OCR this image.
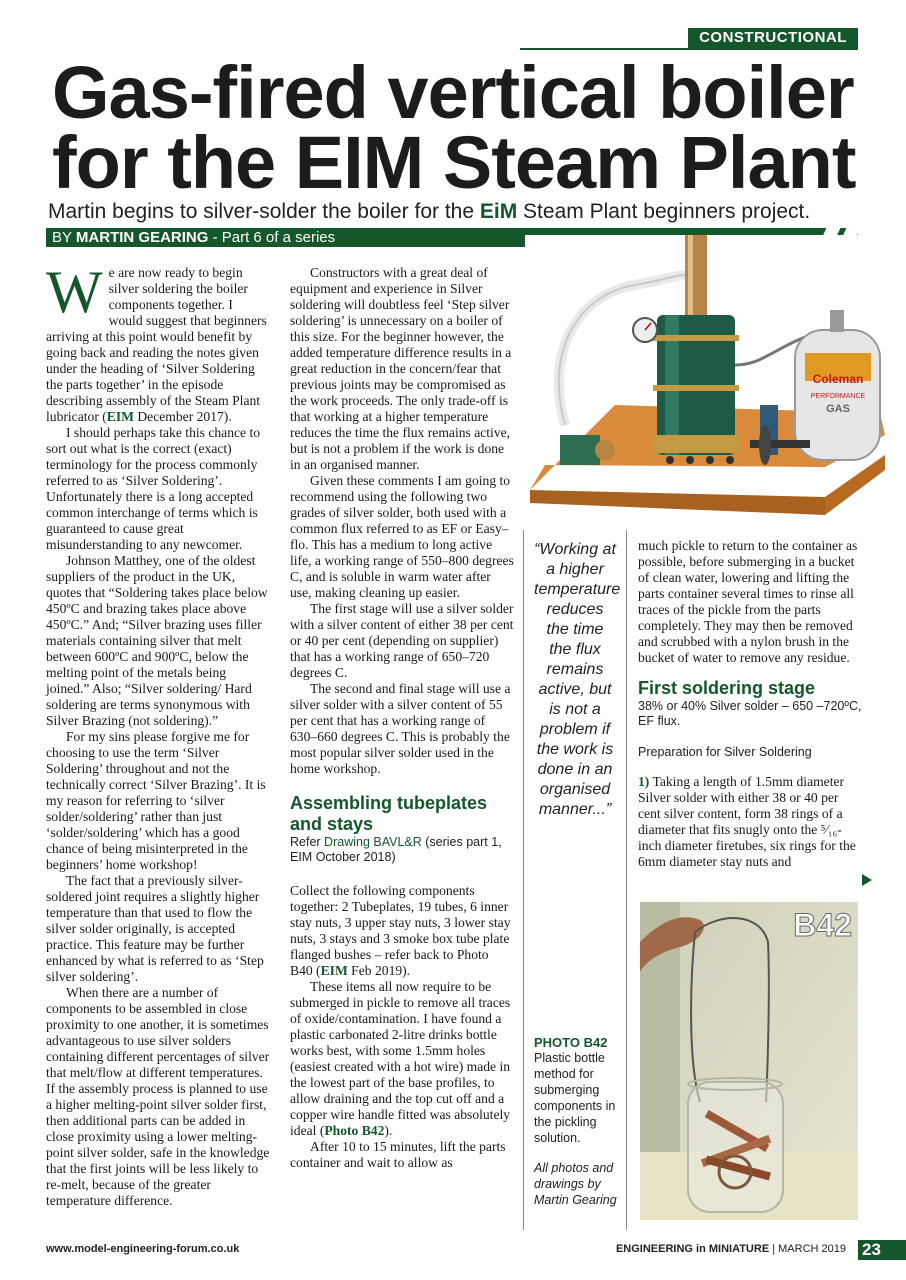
CONSTRUCTIONAL
Gas-fired vertical boiler
for the EIM Steam Plant
Martin begins to silver-solder the boiler for the EiM Steam Plant beginners project.
BY MARTIN GEARING - Part 6 of a series

We are now ready to begin silver soldering the boiler components together. I would suggest that beginners arriving at this point would benefit by going back and reading the notes given under the heading of ‘Silver Soldering the parts together’ in the episode describing assembly of the Steam Plant lubricator (EIM December 2017).

I should perhaps take this chance to sort out what is the correct (exact) terminology for the process commonly referred to as ‘Silver Soldering’. Unfortunately there is a long accepted common interchange of terms which is guaranteed to cause great misunderstanding to any newcomer.

Johnson Matthey, one of the oldest suppliers of the product in the UK, quotes that “Soldering takes place below 450ºC and brazing takes place above 450ºC.” And; “Silver brazing uses filler materials containing silver that melt between 600ºC and 900ºC, below the melting point of the metals being joined.” Also; “Silver soldering/ Hard soldering are terms synonymous with Silver Brazing (not soldering).”

For my sins please forgive me for choosing to use the term ‘Silver Soldering’ throughout and not the technically correct ‘Silver Brazing’. It is my reason for referring to ‘silver solder/soldering’ rather than just ‘solder/soldering’ which has a good chance of being misinterpreted in the beginners’ home workshop!

The fact that a previously silver-soldered joint requires a slightly higher temperature than that used to flow the silver solder originally, is accepted practice. This feature may be further enhanced by what is referred to as ‘Step silver soldering’.

When there are a number of components to be assembled in close proximity to one another, it is sometimes advantageous to use silver solders containing different percentages of silver that melt/flow at different temperatures. If the assembly process is planned to use a higher melting-point silver solder first, then additional parts can be added in close proximity using a lower melting-point silver solder, safe in the knowledge that the first joints will be less likely to re-melt, because of the greater temperature difference.

Constructors with a great deal of equipment and experience in Silver soldering will doubtless feel ‘Step silver soldering’ is unnecessary on a boiler of this size. For the beginner however, the added temperature difference results in a great reduction in the concern/fear that previous joints may be compromised as the work proceeds. The only trade-off is that working at a higher temperature reduces the time the flux remains active, but is not a problem if the work is done in an organised manner.

Given these comments I am going to recommend using the following two grades of silver solder, both used with a common flux referred to as EF or Easy–flo. This has a medium to long active life, a working range of 550–800 degrees C, and is soluble in warm water after use, making cleaning up easier.

The first stage will use a silver solder with a silver content of either 38 per cent or 40 per cent (depending on supplier) that has a working range of 650–720 degrees C.

The second and final stage will use a silver solder with a silver content of 55 per cent that has a working range of 630–660 degrees C. This is probably the most popular silver solder used in the home workshop.

Assembling tubeplates and stays
Refer Drawing BAVL&R (series part 1, EIM October 2018)

Collect the following components together: 2 Tubeplates, 19 tubes, 6 inner stay nuts, 3 upper stay nuts, 3 lower stay nuts, 3 stays and 3 smoke box tube plate flanged bushes – refer back to Photo B40 (EIM Feb 2019).

These items all now require to be submerged in pickle to remove all traces of oxide/contamination. I have found a plastic carbonated 2-litre drinks bottle works best, with some 1.5mm holes (easiest created with a hot wire) made in the lowest part of the base profiles, to allow draining and the top cut off and a copper wire handle fitted was absolutely ideal (Photo B42).

After 10 to 15 minutes, lift the parts container and wait to allow as

Coleman
PERFORMANCE
GAS
“Working at a higher temperature reduces the time the flux remains active, but is not a problem if the work is done in an organised manner...”
PHOTO B42
Plastic bottle method for submerging components in the pickling solution.
All photos and drawings by Martin Gearing

much pickle to return to the container as possible, before submerging in a bucket of clean water, lowering and lifting the parts container several times to rinse all traces of the pickle from the parts completely. They may then be removed and scrubbed with a nylon brush in the bucket of water to remove any residue.

First soldering stage
38% or 40% Silver solder – 650 –720ºC, EF flux.
Preparation for Silver Soldering

1) Taking a length of 1.5mm diameter Silver solder with either 38 or 40 per cent silver content, form 38 rings of a diameter that fits snugly onto the ⁵⁄₁₆-inch diameter firetubes, six rings for the 6mm diameter stay nuts and

B42
www.model-engineering-forum.co.uk	ENGINEERING in MINIATURE | MARCH 2019 23
